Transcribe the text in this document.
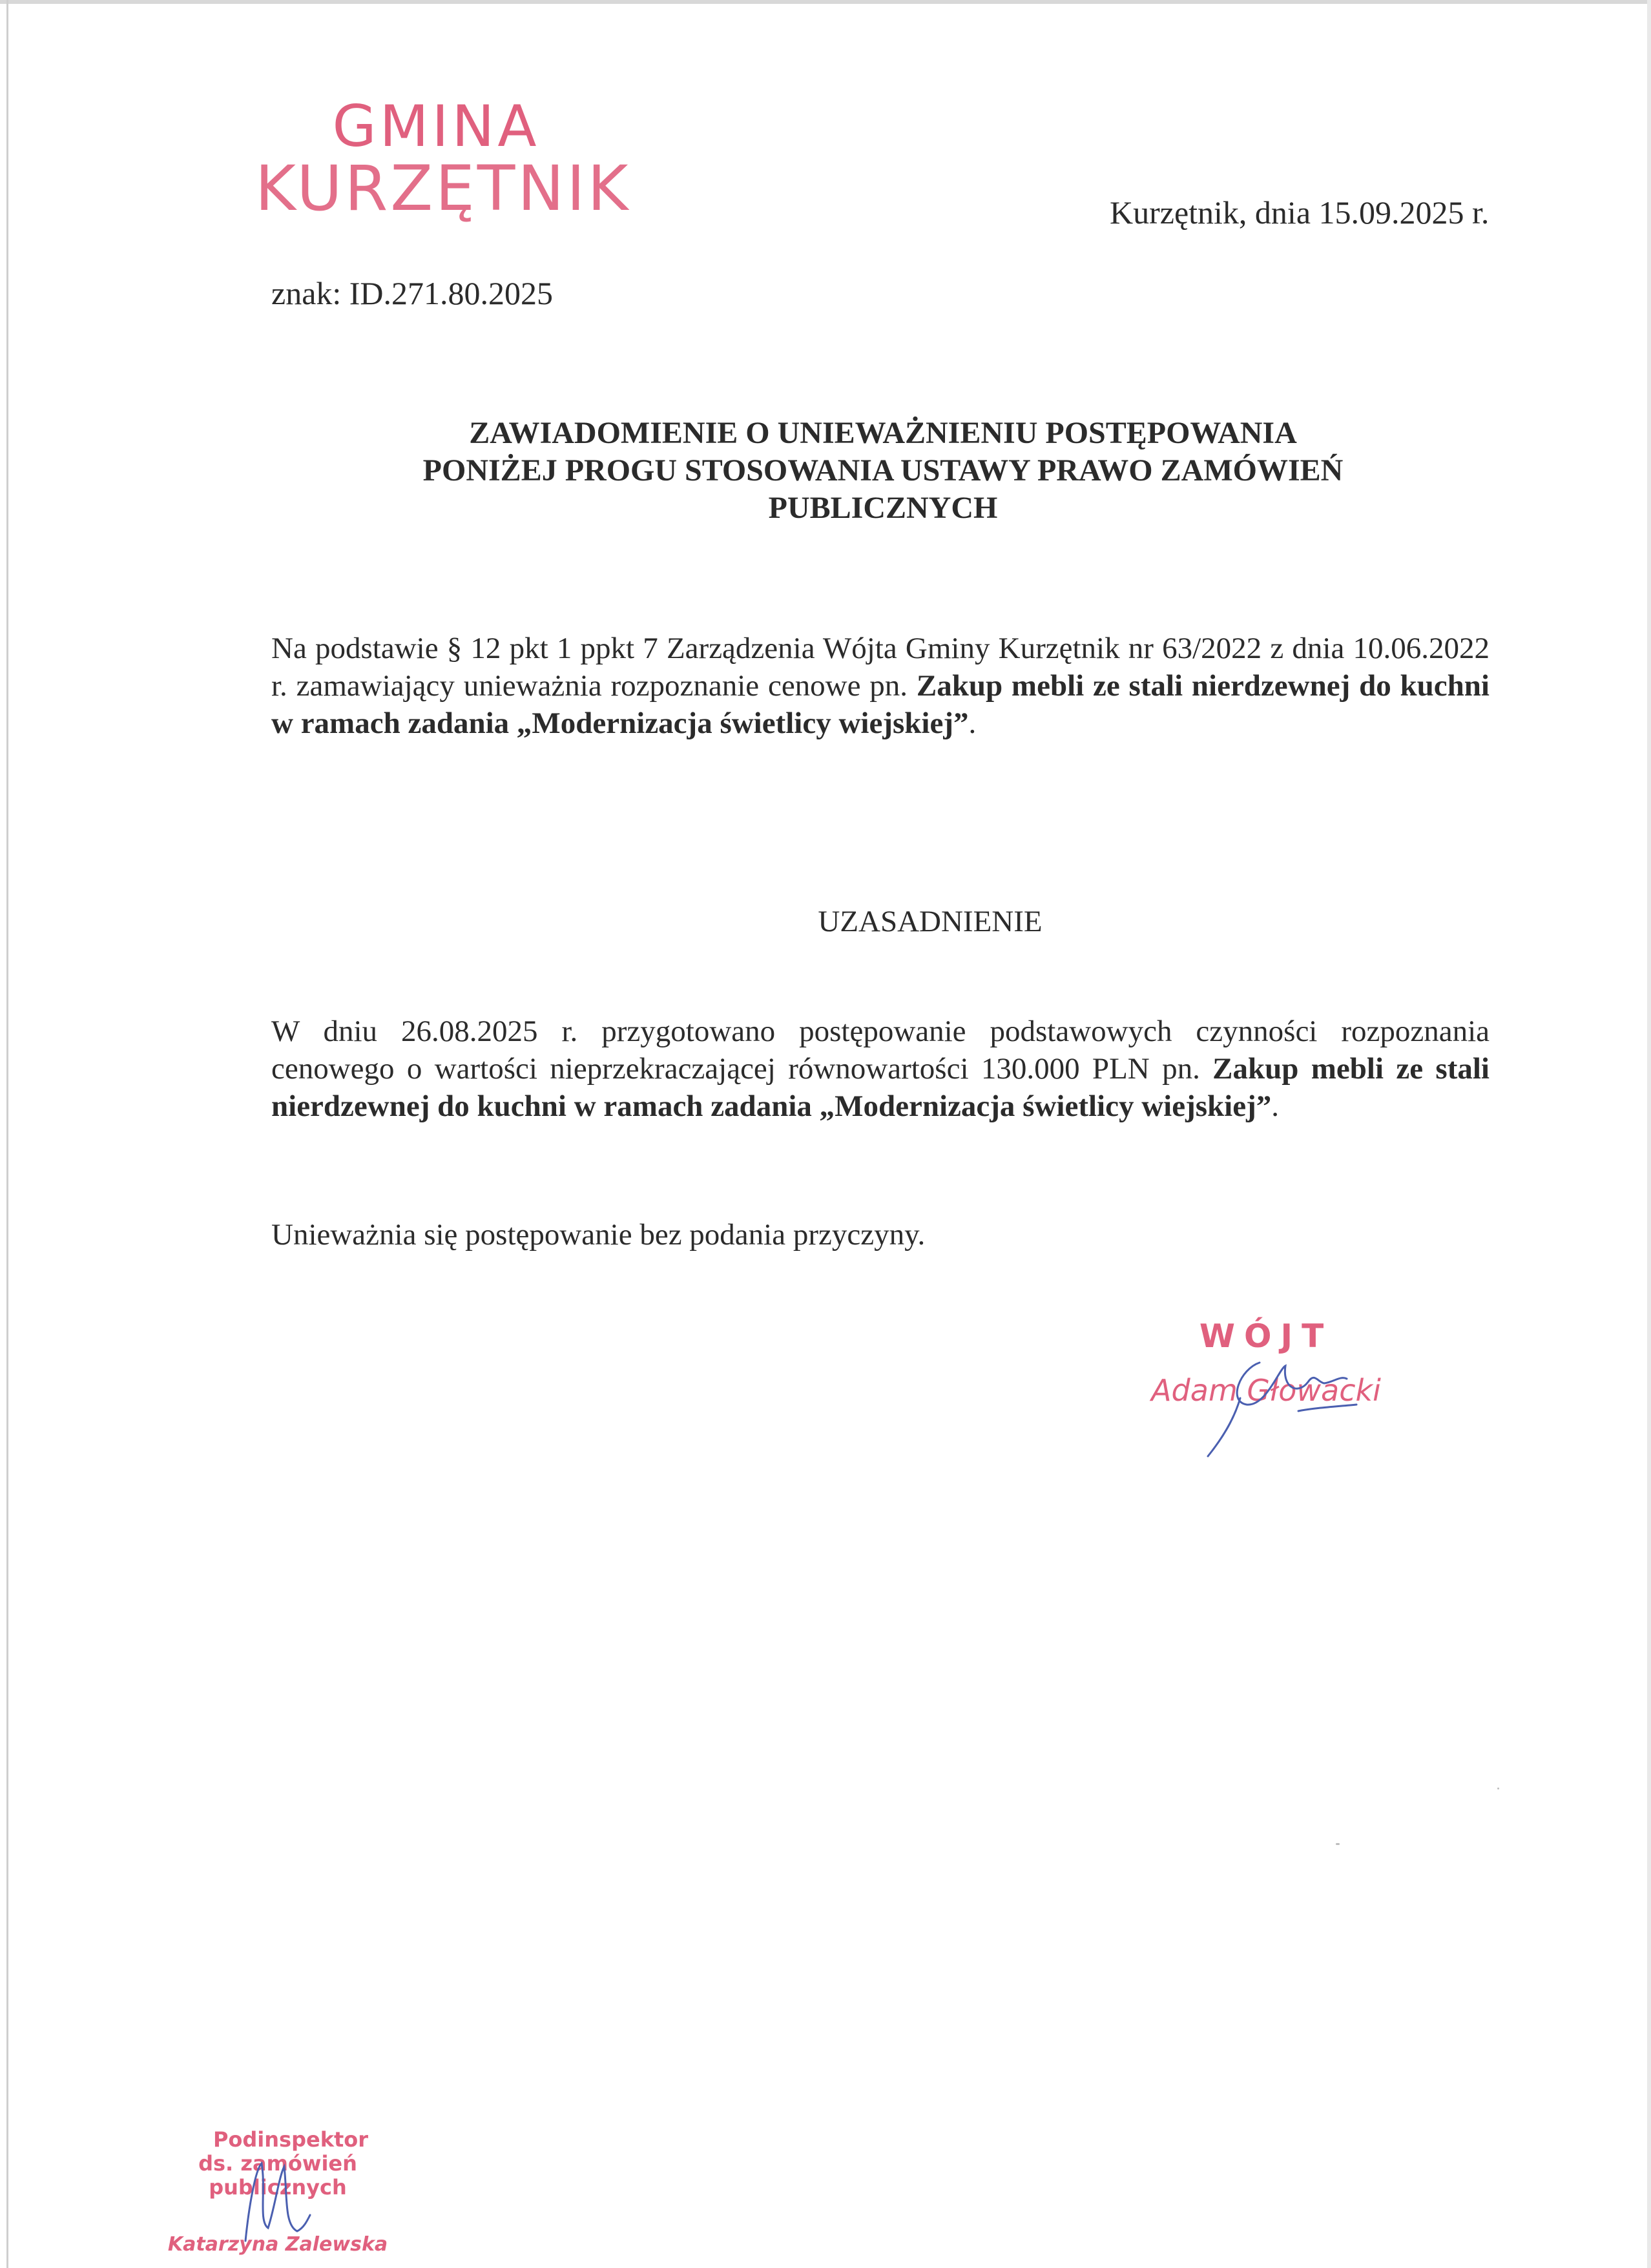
GMINA
KURZĘTNIK	Kurzętnik, dnia 15.09.2025 r.
znak: ID.271.80.2025
ZAWIADOMIENIE O UNIEWAŻNIENIU POSTĘPOWANIA
PONIŻEJ PROGU STOSOWANIA USTAWY PRAWO ZAMÓWIEŃ
PUBLICZNYCH
Na podstawie § 12 pkt 1 ppkt 7 Zarządzenia Wójta Gminy Kurzętnik nr 63/2022 z dnia 10.06.2022 r. zamawiający unieważnia rozpoznanie cenowe pn. Zakup mebli ze stali nierdzewnej do kuchni w ramach zadania „Modernizacja świetlicy wiejskiej”.
UZASADNIENIE
W dniu 26.08.2025 r. przygotowano postępowanie podstawowych czynności rozpoznania cenowego o wartości nieprzekraczającej równowartości 130.000 PLN pn. Zakup mebli ze stali nierdzewnej do kuchni w ramach zadania „Modernizacja świetlicy wiejskiej”.
Unieważnia się postępowanie bez podania przyczyny.
WÓJT
Adam Głowacki
Podinspektor
ds. zamówień publicznych
Katarzyna Zalewska
